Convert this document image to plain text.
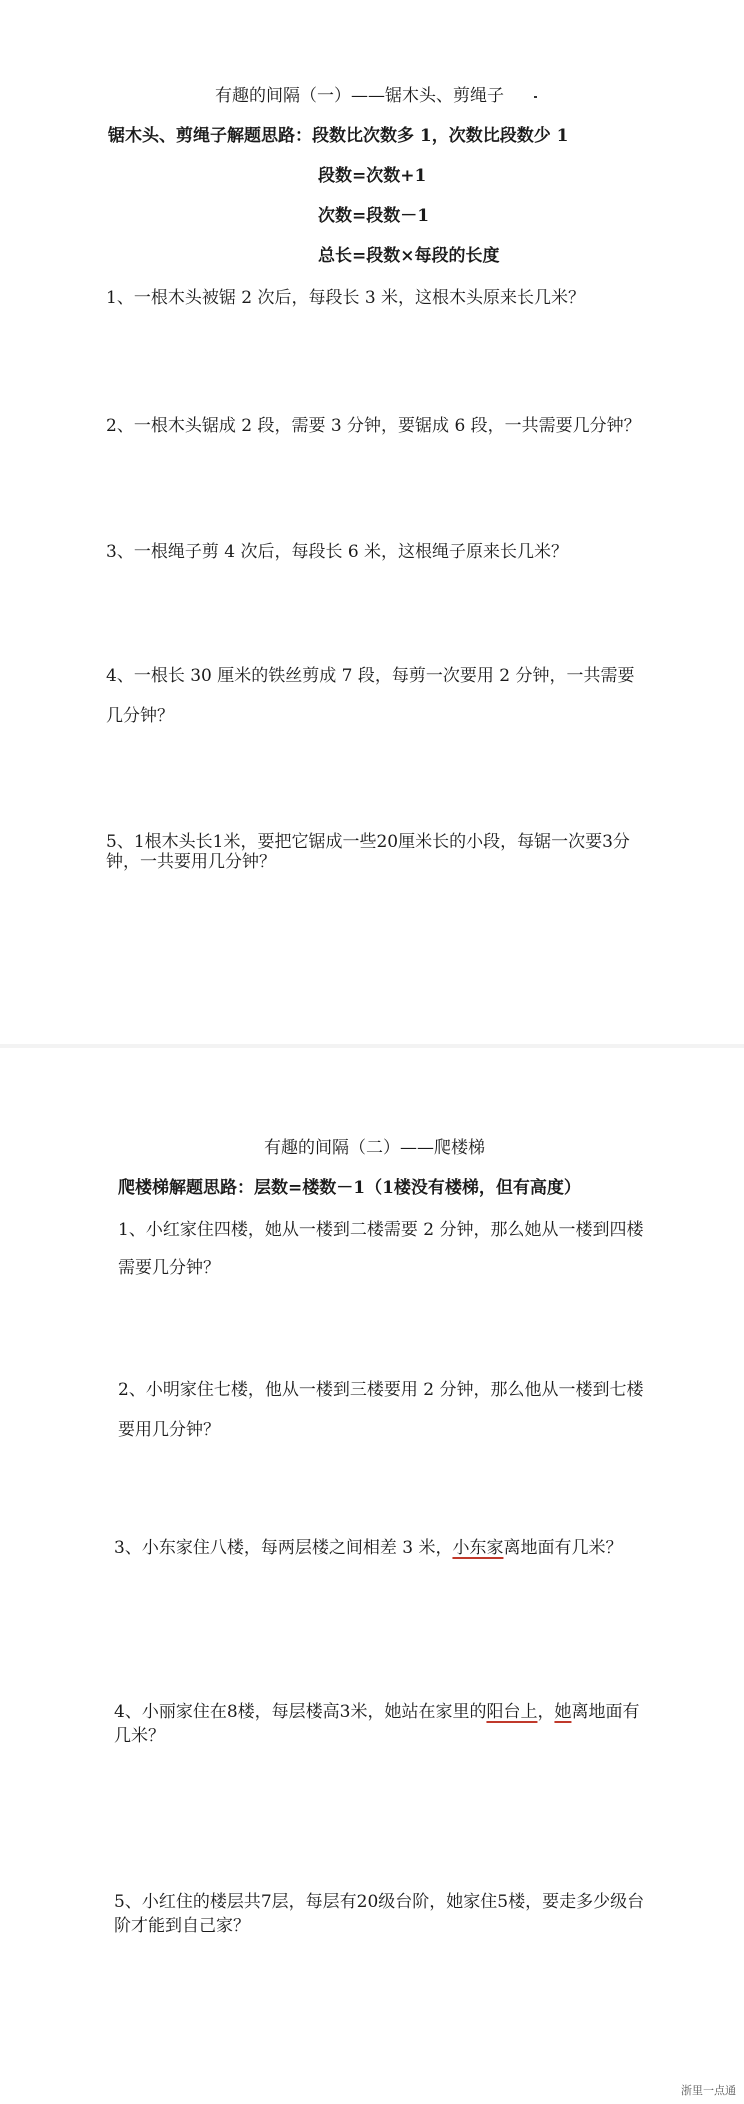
有趣的间隔（一）——锯木头、剪绳子
锯木头、剪绳子解题思路：段数比次数多 1，次数比段数少 1
段数=次数+1
次数=段数－1
总长=段数×每段的长度
1、一根木头被锯 2 次后，每段长 3 米，这根木头原来长几米？
2、一根木头锯成 2 段，需要 3 分钟，要锯成 6 段，一共需要几分钟？
3、一根绳子剪 4 次后，每段长 6 米，这根绳子原来长几米？
4、一根长 30 厘米的铁丝剪成 7 段，每剪一次要用 2 分钟，一共需要
几分钟？
5、1根木头长1米，要把它锯成一些20厘米长的小段，每锯一次要3分
钟，一共要用几分钟？
有趣的间隔（二）——爬楼梯
爬楼梯解题思路：层数=楼数－1（1楼没有楼梯，但有高度）
1、小红家住四楼，她从一楼到二楼需要 2 分钟，那么她从一楼到四楼
需要几分钟？
2、小明家住七楼，他从一楼到三楼要用 2 分钟，那么他从一楼到七楼
要用几分钟？
3、小东家住八楼，每两层楼之间相差 3 米，小东家离地面有几米？
4、小丽家住在8楼，每层楼高3米，她站在家里的阳台上，她离地面有
几米？
5、小红住的楼层共7层，每层有20级台阶，她家住5楼，要走多少级台
阶才能到自己家？
浙里一点通
